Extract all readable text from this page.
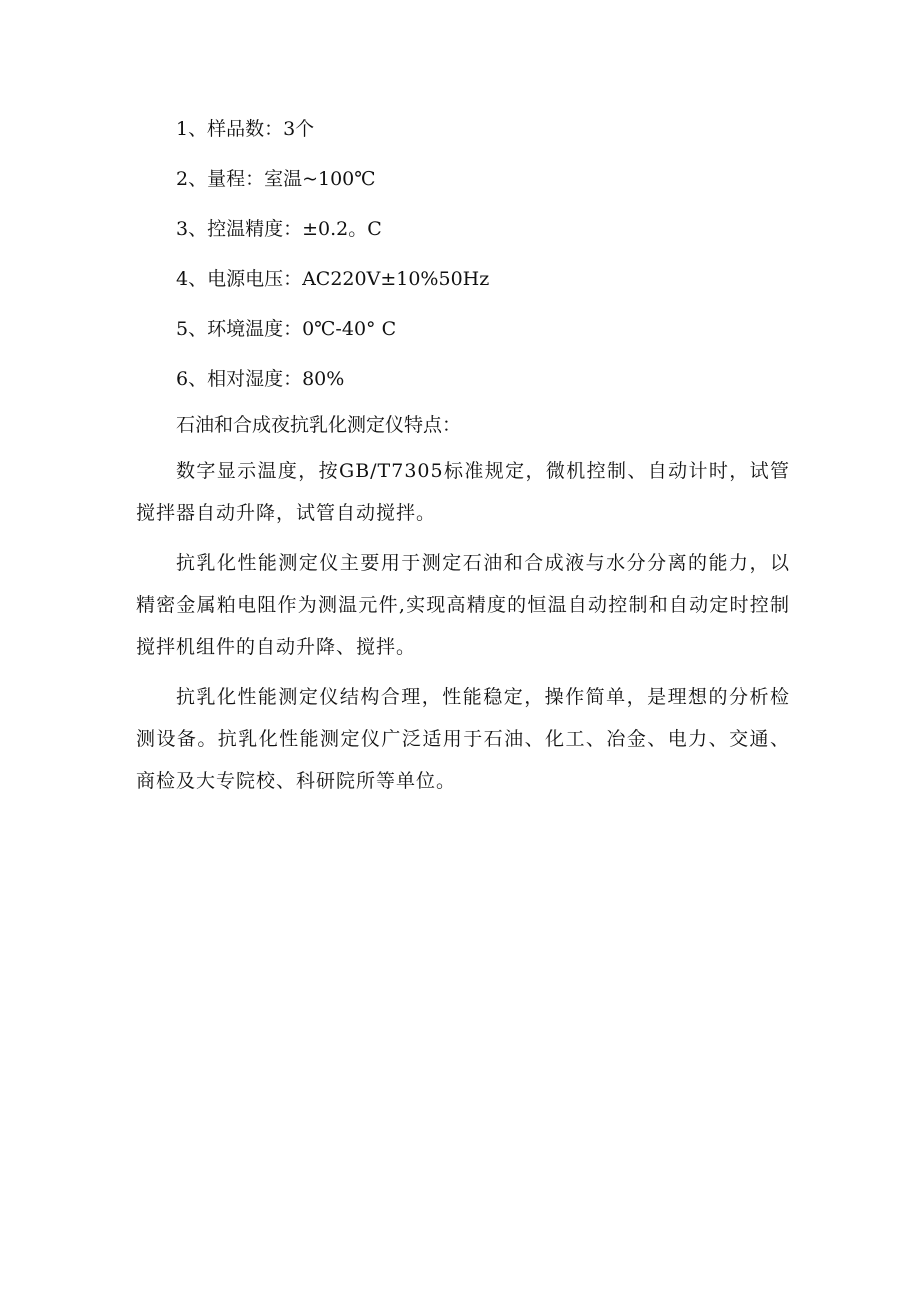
1、样品数：3个
2、量程：室温~100℃
3、控温精度：±0.2。C
4、电源电压：AC220V±10%50Hz
5、环境温度：0℃-40° C
6、相对湿度：80%
石油和合成夜抗乳化测定仪特点：

数字显示温度，按GB/T7305标准规定，微机控制、自动计时，试管搅拌器自动升降，试管自动搅拌。

抗乳化性能测定仪主要用于测定石油和合成液与水分分离的能力，以精密金属粕电阻作为测温元件,实现高精度的恒温自动控制和自动定时控制搅拌机组件的自动升降、搅拌。

抗乳化性能测定仪结构合理，性能稳定，操作简单，是理想的分析检测设备。抗乳化性能测定仪广泛适用于石油、化工、冶金、电力、交通、商检及大专院校、科研院所等单位。
